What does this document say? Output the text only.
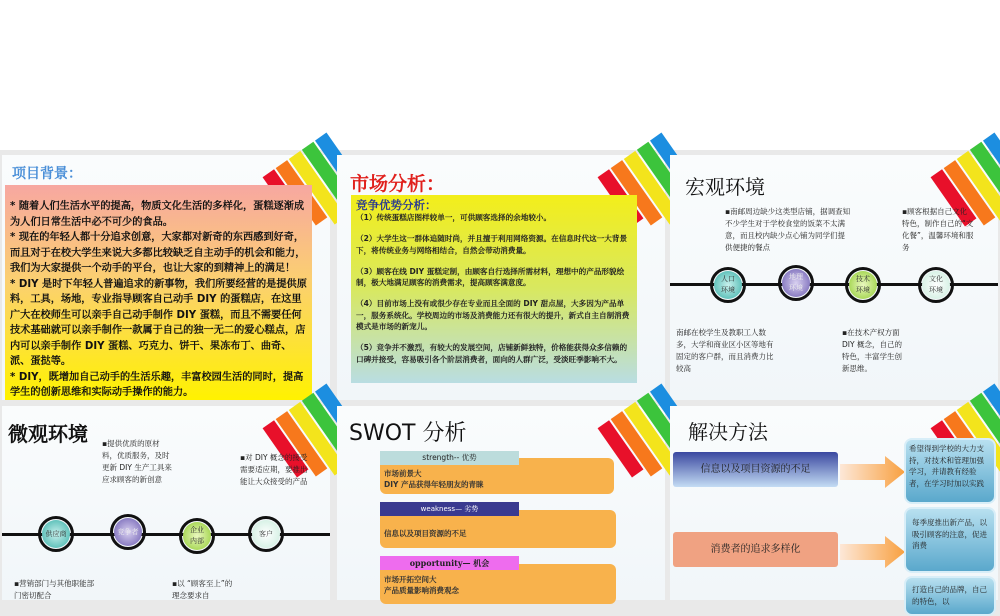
项目背景：
* 随着人们生活水平的提高，物质文化生活的多样化，蛋糕逐渐成为人们日常生活中必不可少的食品。
* 现在的年轻人都十分追求创意，大家都对新奇的东西感到好奇，而且对于在校大学生来说大多都比较缺乏自主动手的机会和能力，我们为大家提供一个动手的平台，也让大家的到精神上的满足！
* DIY 是时下年轻人普遍追求的新事物，我们所要经营的是提供原料，工具，场地，专业指导顾客自己动手 DIY 的蛋糕店，在这里广大在校师生可以亲手自己动手制作 DIY 蛋糕，而且不需要任何技术基础就可以亲手制作一款属于自己的独一无二的爱心糕点，店内可以亲手制作 DIY 蛋糕、巧克力、饼干、果冻布丁、曲奇、派、蛋挞等。
* DIY，既增加自己动手的生活乐趣，丰富校园生活的同时，提高学生的创新思维和实际动手操作的能力。
市场分析：
竞争优势分析：
（1）传统蛋糕店图样较单一，可供顾客选择的余地较小。
（2）大学生这一群体追随时尚，并且擅于利用网络资源。在信息时代这一大背景下，将传统业务与网络相结合，自然会带动消费量。
（3）顾客在线 DIY 蛋糕定制，由顾客自行选择所需材料，理想中的产品形貌绘制，极大地满足顾客的消费需求，提高顾客满意度。
（4）目前市场上没有或很少存在专业而且全面的 DIY 甜点屋，大多因为产品单一，服务系统化。学校周边的市场及消费能力还有很大的提升，新式自主自制消费模式是市场的新宠儿。
（5）竞争并不激烈，有较大的发展空间，店铺新鲜独特，价格能获得众多信赖的口碑并接受，容易吸引各个阶层消费者，面向的人群广泛，受淡旺季影响不大。
宏观环境
人口
环境
地理
环境
技术
环境
文化
环境
南邮在校学生及教职工人数多，大学和商业区小区等地有固定的客户群，而且消费力比较高
▪南邮周边缺少这类型店铺，据调查知不少学生对于学校食堂的饭菜不太满意，而且校内缺少点心铺为同学们提供便捷的餐点
▪在技术产权方面 DIY 概念，自己的特色，丰富学生创新思维。
▪顾客根据自己文化特色，制作自己的“文化餐”，温馨环境和服务
微观环境
供应商	竞争者	企业
内部
客户
▪营销部门与其他职能部门密切配合
▪提供优质的原材料，优质服务，及时更新 DIY 生产工具来应求顾客的新创意
▪以 “顾客至上”的理念要求自
▪对 DIY 概念的接受需要适应期，要推出能让大众接受的产品
SWOT 分析
市场前景大
DIY 产品获得年轻朋友的青睐
strength-- 优势
信息以及项目资源的不足
weakness— 劣势
市场开拓空间大
产品质量影响消费观念
opportunity— 机会
解决方法
信息以及项目资源的不足
消费者的追求多样化
希望得到学校的大力支持，对技术和管理加强学习，并请教有经验者，在学习时加以实践
每季度推出新产品，以吸引顾客的注意，促进消费
打造自己的品牌，自己的特色，以
